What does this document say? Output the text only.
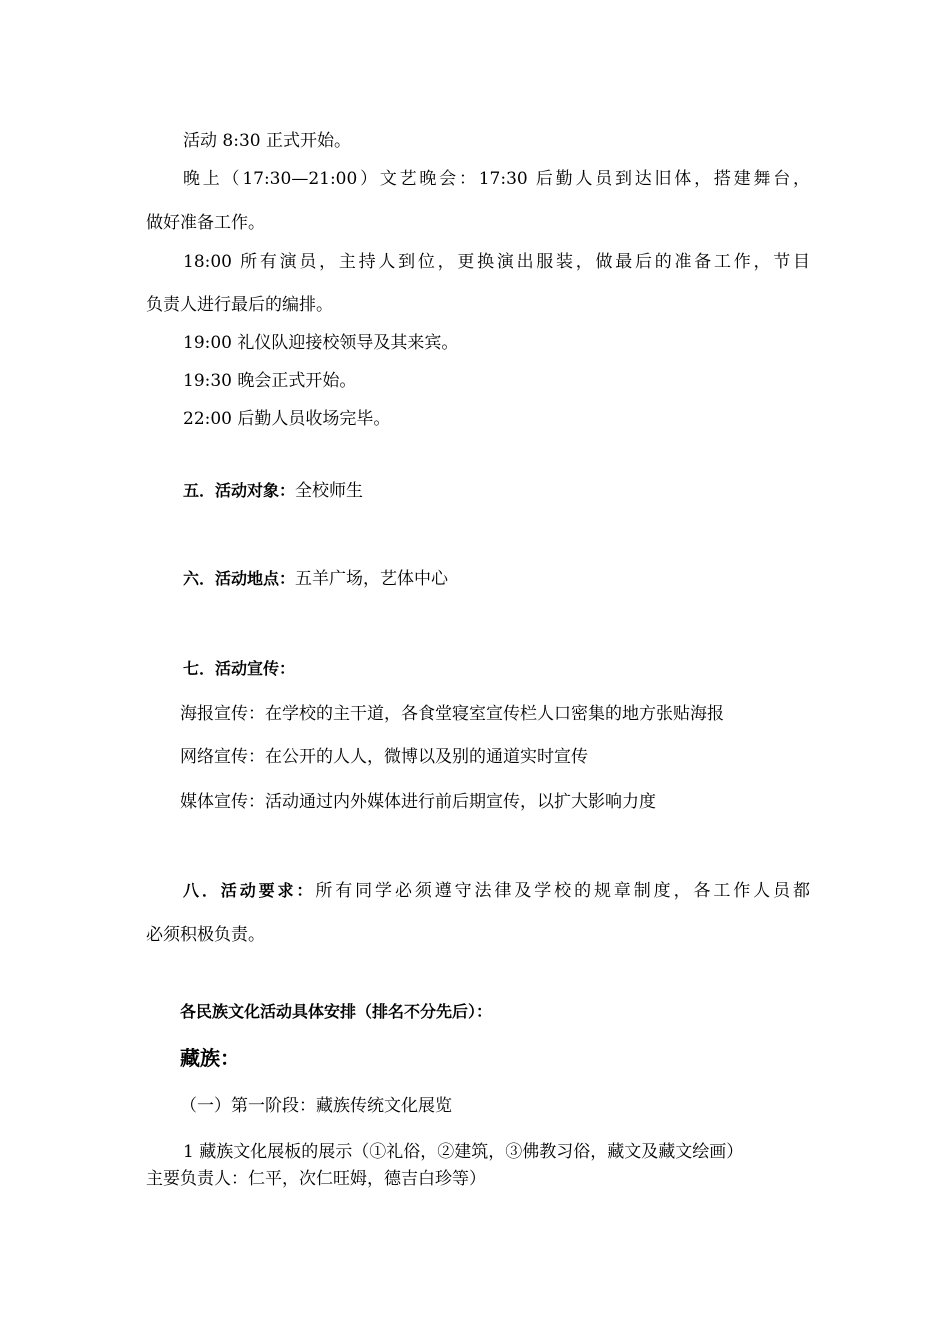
活动 8:30 正式开始。
晚上（17:30—21:00）文艺晚会：17:30 后勤人员到达旧体，搭建舞台，
做好准备工作。
18:00 所有演员，主持人到位，更换演出服装，做最后的准备工作，节目
负责人进行最后的编排。
19:00 礼仪队迎接校领导及其来宾。
19:30 晚会正式开始。
22:00 后勤人员收场完毕。
五．活动对象：全校师生
六．活动地点：五羊广场，艺体中心
七．活动宣传：
海报宣传：在学校的主干道，各食堂寝室宣传栏人口密集的地方张贴海报
网络宣传：在公开的人人，微博以及别的通道实时宣传
媒体宣传：活动通过内外媒体进行前后期宣传，以扩大影响力度
八．活动要求：所有同学必须遵守法律及学校的规章制度，各工作人员都
必须积极负责。
各民族文化活动具体安排（排名不分先后）：
藏族：
（一）第一阶段：藏族传统文化展览
1 藏族文化展板的展示（①礼俗，②建筑，③佛教习俗，藏文及藏文绘画）
主要负责人：仁平，次仁旺姆，德吉白珍等）
